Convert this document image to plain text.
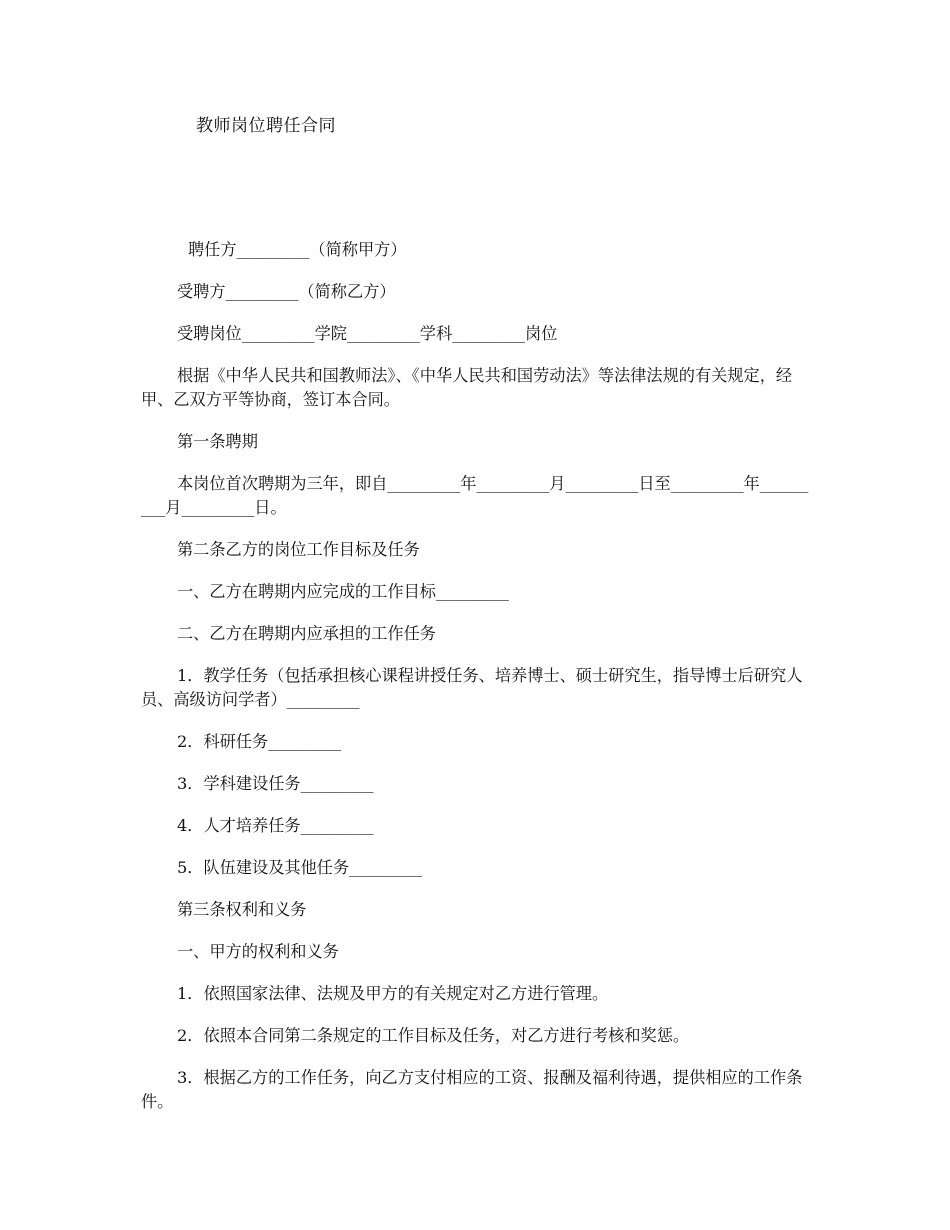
教师岗位聘任合同

聘任方_________（简称甲方）

受聘方_________（简称乙方）

受聘岗位_________学院_________学科_________岗位

根据《中华人民共和国教师法》、《中华人民共和国劳动法》等法律法规的有关规定，经甲、乙双方平等协商，签订本合同。

第一条聘期

本岗位首次聘期为三年，即自_________年_________月_________日至_________年_________月_________日。

第二条乙方的岗位工作目标及任务

一、乙方在聘期内应完成的工作目标_________

二、乙方在聘期内应承担的工作任务

1．教学任务（包括承担核心课程讲授任务、培养博士、硕士研究生，指导博士后研究人员、高级访问学者）_________

2．科研任务_________

3．学科建设任务_________

4．人才培养任务_________

5．队伍建设及其他任务_________

第三条权利和义务

一、甲方的权利和义务

1．依照国家法律、法规及甲方的有关规定对乙方进行管理。

2．依照本合同第二条规定的工作目标及任务，对乙方进行考核和奖惩。

3．根据乙方的工作任务，向乙方支付相应的工资、报酬及福利待遇，提供相应的工作条件。
